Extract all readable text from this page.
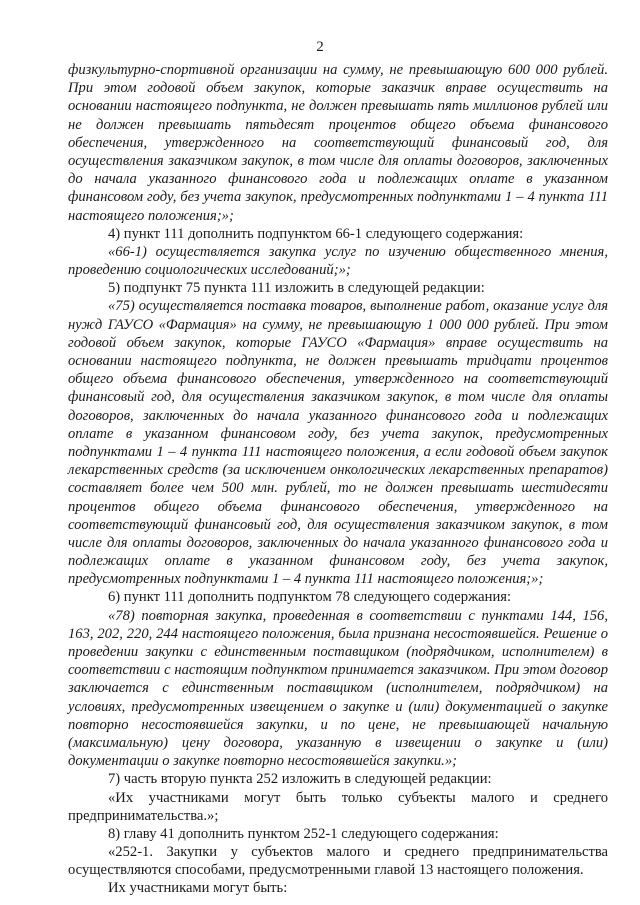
2

физкультурно-спортивной организации на сумму, не превышающую 600 000 рублей. При этом годовой объем закупок, которые заказчик вправе осуществить на основании настоящего подпункта, не должен превышать пять миллионов рублей или не должен превышать пятьдесят процентов общего объема финансового обеспечения, утвержденного на соответствующий финансовый год, для осуществления заказчиком закупок, в том числе для оплаты договоров, заключенных до начала указанного финансового года и подлежащих оплате в указанном финансовом году, без учета закупок, предусмотренных подпунктами 1 – 4 пункта 111 настоящего положения;»;

4) пункт 111 дополнить подпунктом 66-1 следующего содержания:

«66-1) осуществляется закупка услуг по изучению общественного мнения, проведению социологических исследований;»;

5) подпункт 75 пункта 111 изложить в следующей редакции:

«75) осуществляется поставка товаров, выполнение работ, оказание услуг для нужд ГАУСО «Фармация» на сумму, не превышающую 1 000 000 рублей. При этом годовой объем закупок, которые ГАУСО «Фармация» вправе осуществить на основании настоящего подпункта, не должен превышать тридцати процентов общего объема финансового обеспечения, утвержденного на соответствующий финансовый год, для осуществления заказчиком закупок, в том числе для оплаты договоров, заключенных до начала указанного финансового года и подлежащих оплате в указанном финансовом году, без учета закупок, предусмотренных подпунктами 1 – 4 пункта 111 настоящего положения, а если годовой объем закупок лекарственных средств (за исключением онкологических лекарственных препаратов) составляет более чем 500 млн. рублей, то не должен превышать шестидесяти процентов общего объема финансового обеспечения, утвержденного на соответствующий финансовый год, для осуществления заказчиком закупок, в том числе для оплаты договоров, заключенных до начала указанного финансового года и подлежащих оплате в указанном финансовом году, без учета закупок, предусмотренных подпунктами 1 – 4 пункта 111 настоящего положения;»;

6) пункт 111 дополнить подпунктом 78 следующего содержания:

«78) повторная закупка, проведенная в соответствии с пунктами 144, 156, 163, 202, 220, 244 настоящего положения, была признана несостоявшейся. Решение о проведении закупки с единственным поставщиком (подрядчиком, исполнителем) в соответствии с настоящим подпунктом принимается заказчиком. При этом договор заключается с единственным поставщиком (исполнителем, подрядчиком) на условиях, предусмотренных извещением о закупке и (или) документацией о закупке повторно несостоявшейся закупки, и по цене, не превышающей начальную (максимальную) цену договора, указанную в извещении о закупке и (или) документации о закупке повторно несостоявшейся закупки.»;

7) часть вторую пункта 252 изложить в следующей редакции:

«Их участниками могут быть только субъекты малого и среднего предпринимательства.»;

8) главу 41 дополнить пунктом 252-1 следующего содержания:

«252-1. Закупки у субъектов малого и среднего предпринимательства осуществляются способами, предусмотренными главой 13 настоящего положения.

Их участниками могут быть:
